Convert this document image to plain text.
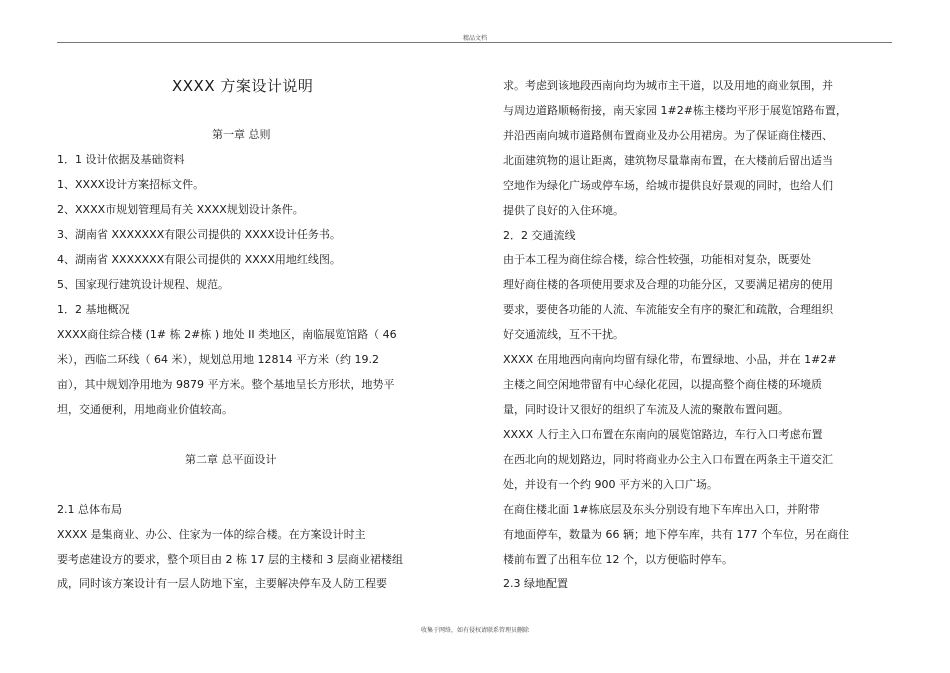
精品文档
XXXX 方案设计说明
第一章 总则
1．1 设计依据及基础资料
1、XXXX设计方案招标文件。
2、XXXX市规划管理局有关 XXXX规划设计条件。
3、湖南省 XXXXXXX有限公司提供的 XXXX设计任务书。
4、湖南省 XXXXXXX有限公司提供的 XXXX用地红线图。
5、国家现行建筑设计规程、规范。
1．2 基地概况
XXXX商住综合楼 (1# 栋 2#栋 ) 地处 II 类地区，南临展览馆路（ 46
米），西临二环线（ 64 米），规划总用地 12814 平方米（约 19.2
亩），其中规划净用地为 9879 平方米。整个基地呈长方形状，地势平
坦，交通便利，用地商业价值较高。
第二章 总平面设计
2.1 总体布局
XXXX 是集商业、办公、住家为一体的综合楼。在方案设计时主
要考虑建设方的要求，整个项目由 2 栋 17 层的主楼和 3 层商业裙楼组
成，同时该方案设计有一层人防地下室，主要解决停车及人防工程要
求。考虑到该地段西南向均为城市主干道，以及用地的商业氛围，并
与周边道路顺畅衔接，南天家园 1#2#栋主楼均平形于展览馆路布置，
并沿西南向城市道路侧布置商业及办公用裙房。为了保证商住楼西、
北面建筑物的退让距离，建筑物尽量靠南布置，在大楼前后留出适当
空地作为绿化广场或停车场，给城市提供良好景观的同时，也给人们
提供了良好的入住环境。
2．2 交通流线
由于本工程为商住综合楼，综合性较强，功能相对复杂，既要处
理好商住楼的各项使用要求及合理的功能分区，又要满足裙房的使用
要求，要使各功能的人流、车流能安全有序的聚汇和疏散，合理组织
好交通流线，互不干扰。
XXXX 在用地西向南向均留有绿化带，布置绿地、小品，并在 1#2#
主楼之间空闲地带留有中心绿化花园，以提高整个商住楼的环境质
量，同时设计又很好的组织了车流及人流的聚散布置问题。
XXXX 人行主入口布置在东南向的展览馆路边，车行入口考虑布置
在西北向的规划路边，同时将商业办公主入口布置在两条主干道交汇
处，并设有一个约 900 平方米的入口广场。
在商住楼北面 1#栋底层及东头分别设有地下车库出入口，并附带
有地面停车，数量为 66 辆；地下停车库，共有 177 个车位，另在商住
楼前布置了出租车位 12 个，以方便临时停车。
2.3 绿地配置
收集于网络，如有侵权请联系管理员删除
